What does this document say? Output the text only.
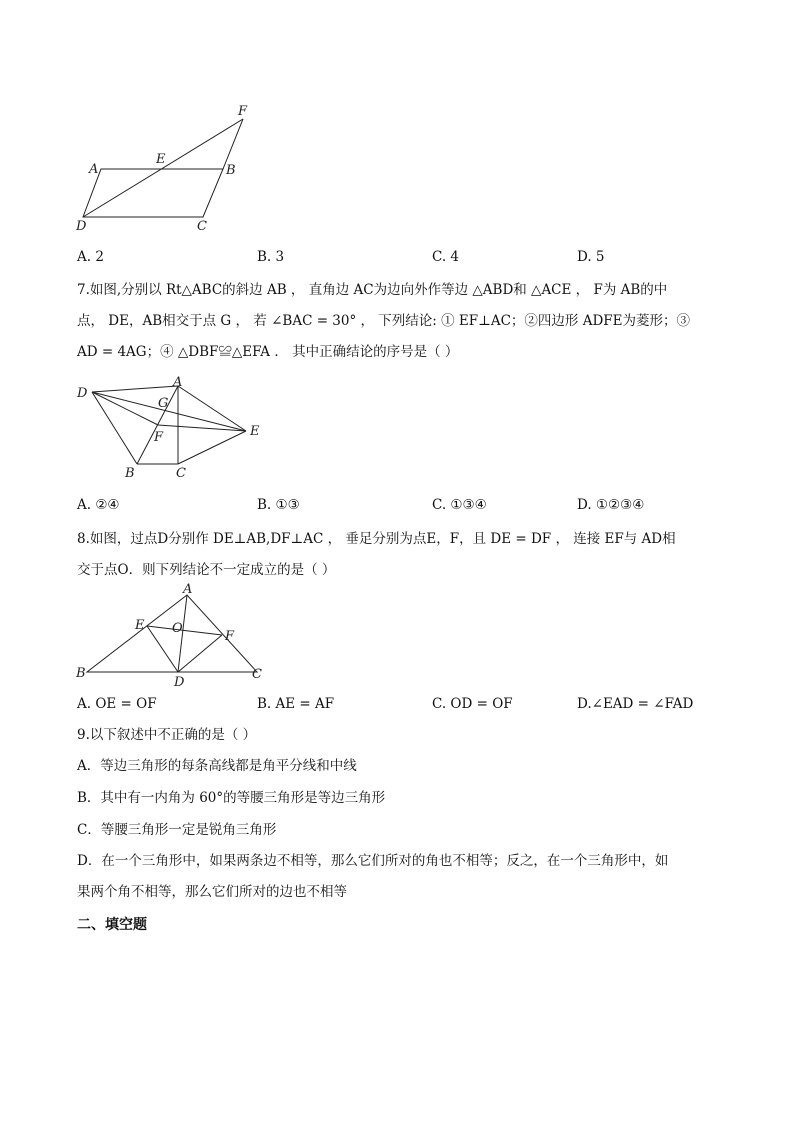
A
E
B
F
D	C
A. 2	B. 3	C. 4	D. 5
7.如图,分别以 Rt△ABC的斜边 AB ， 直角边 AC为边向外作等边 △ABD和 △ACE ， F为 AB的中
点， DE，AB相交于点 G ， 若 ∠BAC = 30° ， 下列结论: ① EF⊥AC；②四边形 ADFE为菱形；③
AD = 4AG；④ △DBF≌△EFA ． 其中正确结论的序号是（ ）
D
A
G
F	E
B	C
A. ②④	B. ①③	C. ①③④	D. ①②③④
8.如图，过点D分别作 DE⊥AB,DF⊥AC ， 垂足分别为点E，F，且 DE = DF ， 连接 EF与 AD相
交于点O．则下列结论不一定成立的是（ ）
A
E O
F
B
D
C
A. OE = OF	B. AE = AF	C. OD = OF	D.∠EAD = ∠FAD
9.以下叙述中不正确的是（ ）
A．等边三角形的每条高线都是角平分线和中线
B．其中有一内角为 60°的等腰三角形是等边三角形
C．等腰三角形一定是锐角三角形
D．在一个三角形中，如果两条边不相等，那么它们所对的角也不相等；反之，在一个三角形中，如
果两个角不相等，那么它们所对的边也不相等
二、填空题
